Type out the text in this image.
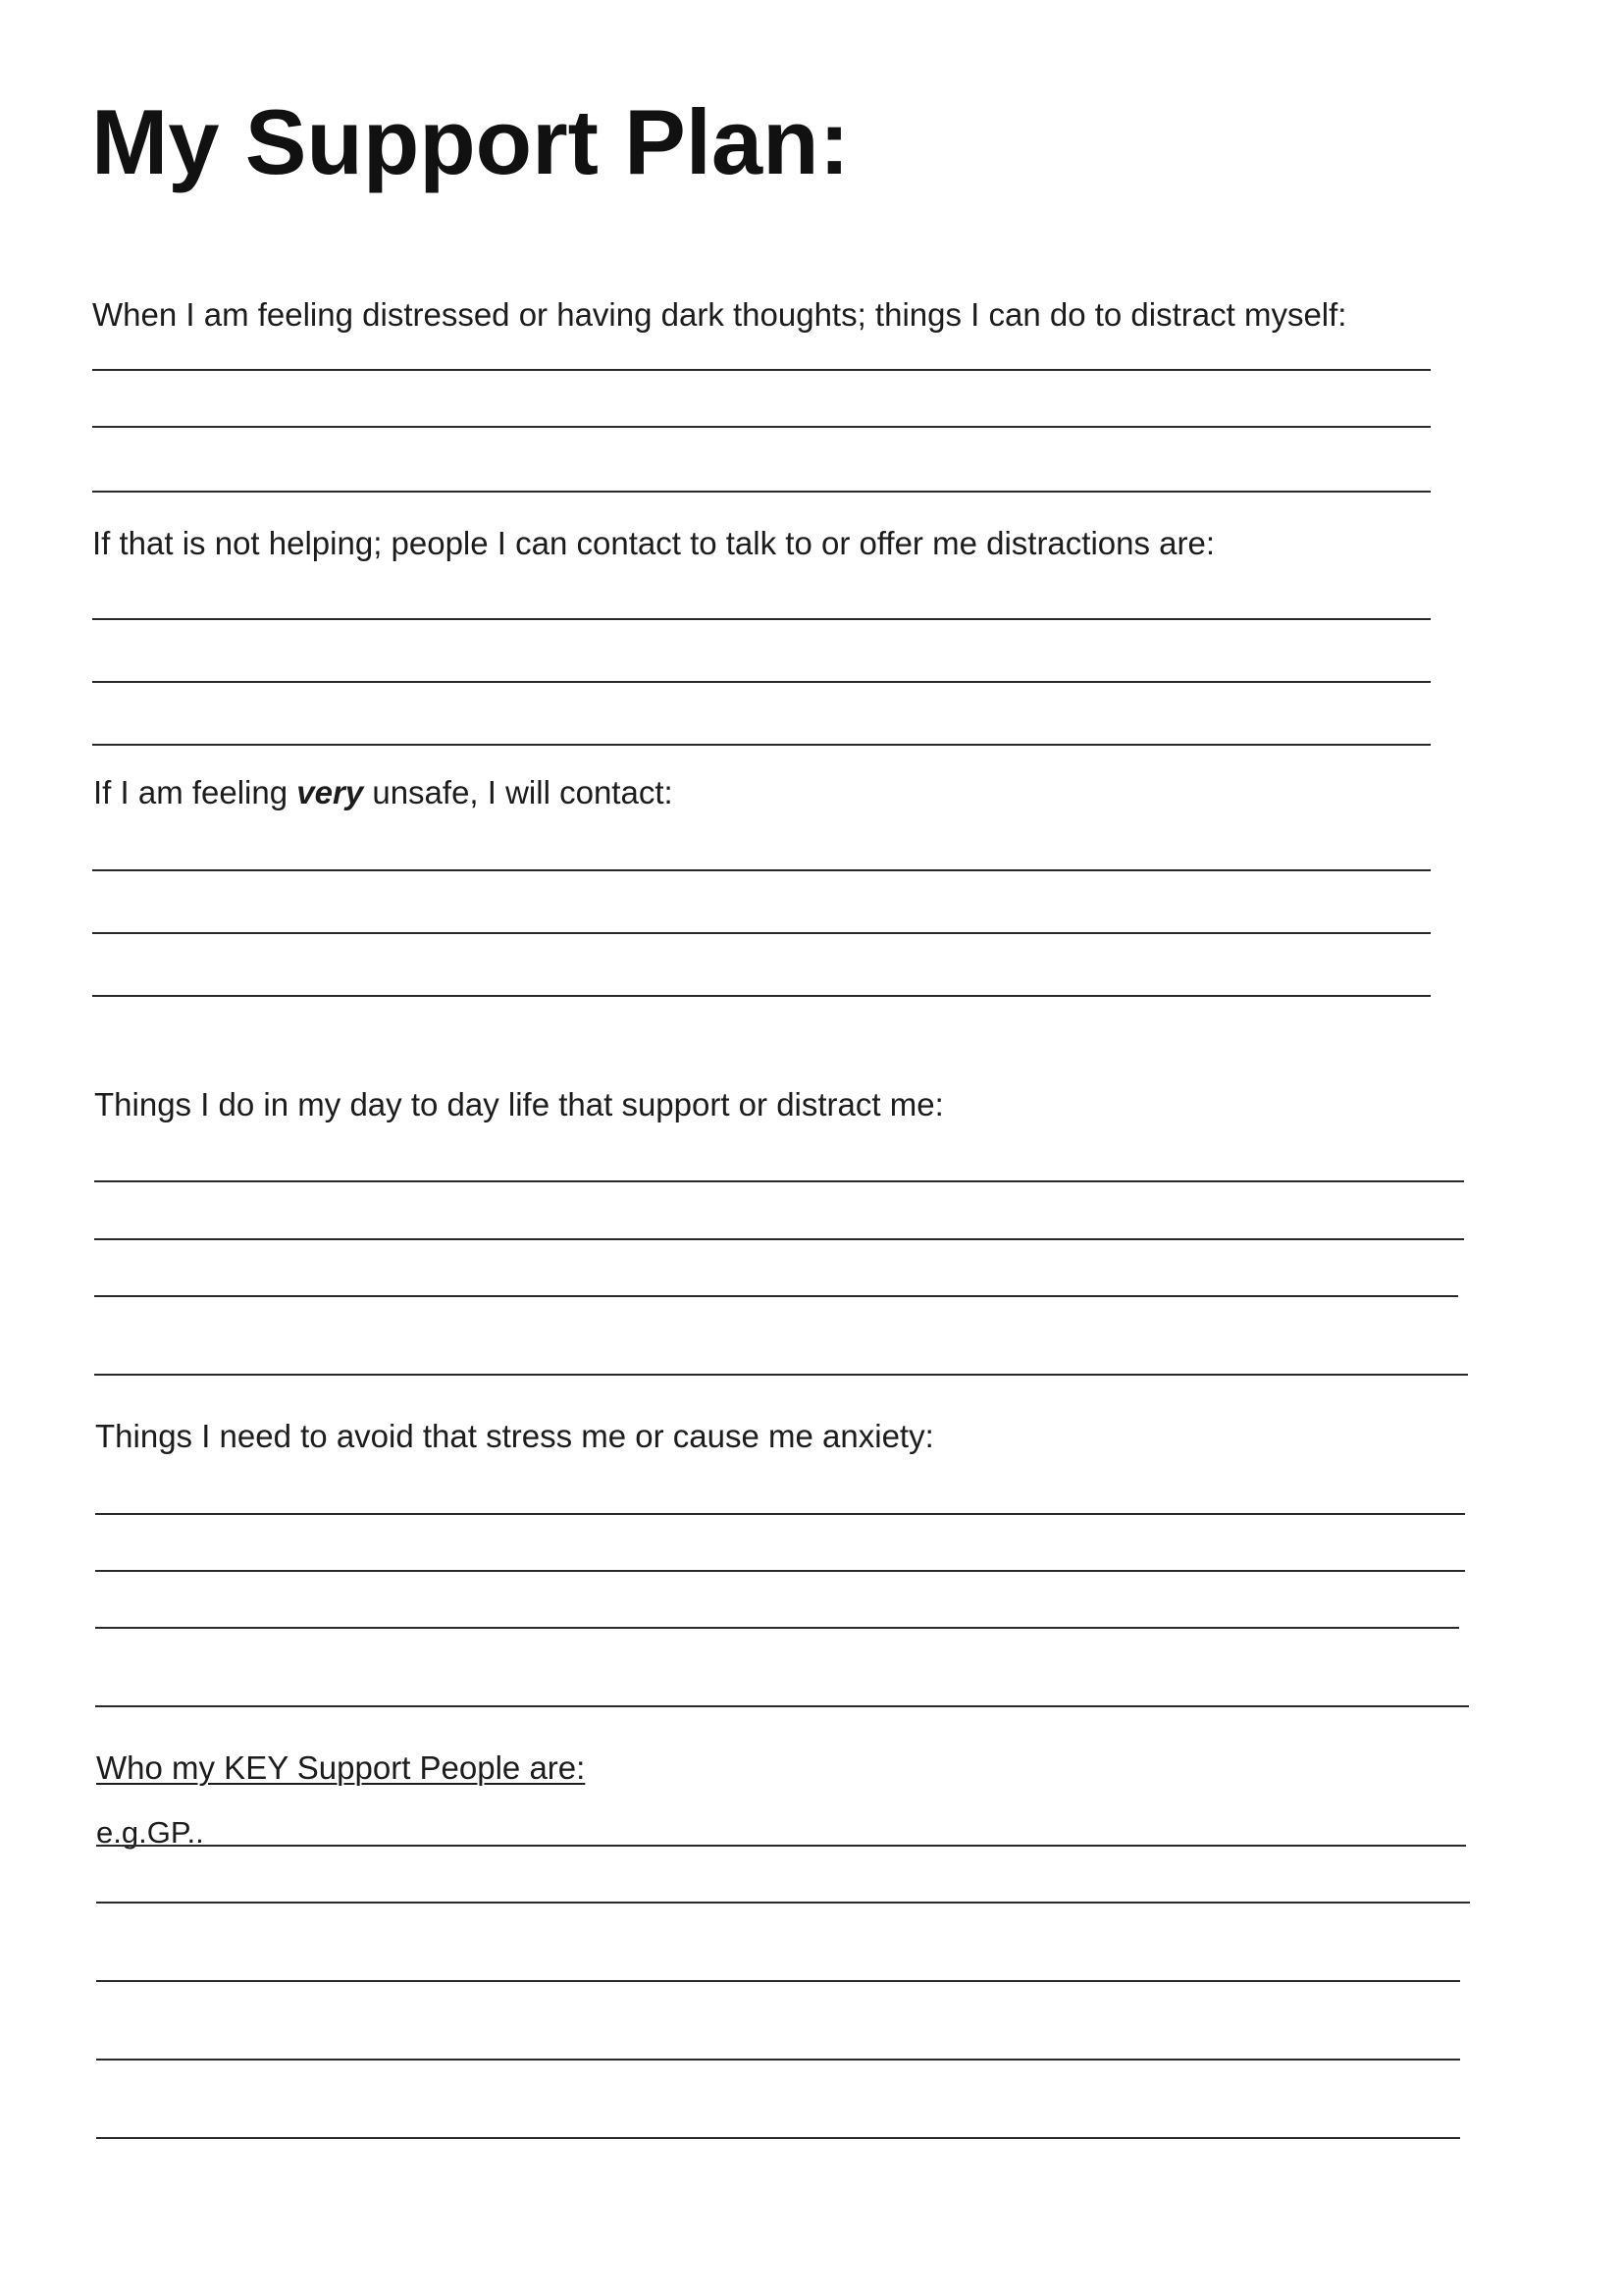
My Support Plan:

When I am feeling distressed or having dark thoughts; things I can do to distract myself:

If that is not helping; people I can contact to talk to or offer me distractions are:

If I am feeling very unsafe, I will contact:

Things I do in my day to day life that support or distract me:

Things I need to avoid that stress me or cause me anxiety:

Who my KEY Support People are:

e.g.GP..
